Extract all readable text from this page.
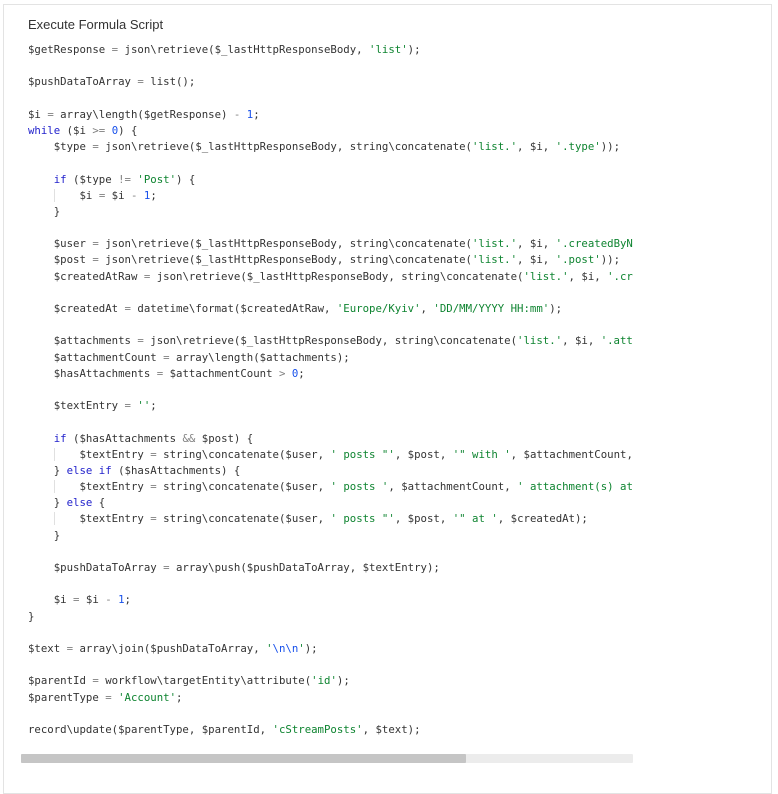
Execute Formula Script
$getResponse = json\retrieve($_lastHttpResponseBody, 'list');
$pushDataToArray = list();
$i = array\length($getResponse) - 1;
while ($i >= 0) {
$type = json\retrieve($_lastHttpResponseBody, string\concatenate('list.', $i, '.type'));
if ($type != 'Post') {
$i = $i - 1;
}
$user = json\retrieve($_lastHttpResponseBody, string\concatenate('list.', $i, '.createdByN
$post = json\retrieve($_lastHttpResponseBody, string\concatenate('list.', $i, '.post'));
$createdAtRaw = json\retrieve($_lastHttpResponseBody, string\concatenate('list.', $i, '.cr
$createdAt = datetime\format($createdAtRaw, 'Europe/Kyiv', 'DD/MM/YYYY HH:mm');
$attachments = json\retrieve($_lastHttpResponseBody, string\concatenate('list.', $i, '.att
$attachmentCount = array\length($attachments);
$hasAttachments = $attachmentCount > 0;
$textEntry = '';
if ($hasAttachments && $post) {
$textEntry = string\concatenate($user, ' posts "', $post, '" with ', $attachmentCount,
} else if ($hasAttachments) {
$textEntry = string\concatenate($user, ' posts ', $attachmentCount, ' attachment(s) at
} else {
$textEntry = string\concatenate($user, ' posts "', $post, '" at ', $createdAt);
}
$pushDataToArray = array\push($pushDataToArray, $textEntry);
$i = $i - 1;
}
$text = array\join($pushDataToArray, '\n\n');
$parentId = workflow\targetEntity\attribute('id');
$parentType = 'Account';
record\update($parentType, $parentId, 'cStreamPosts', $text);
